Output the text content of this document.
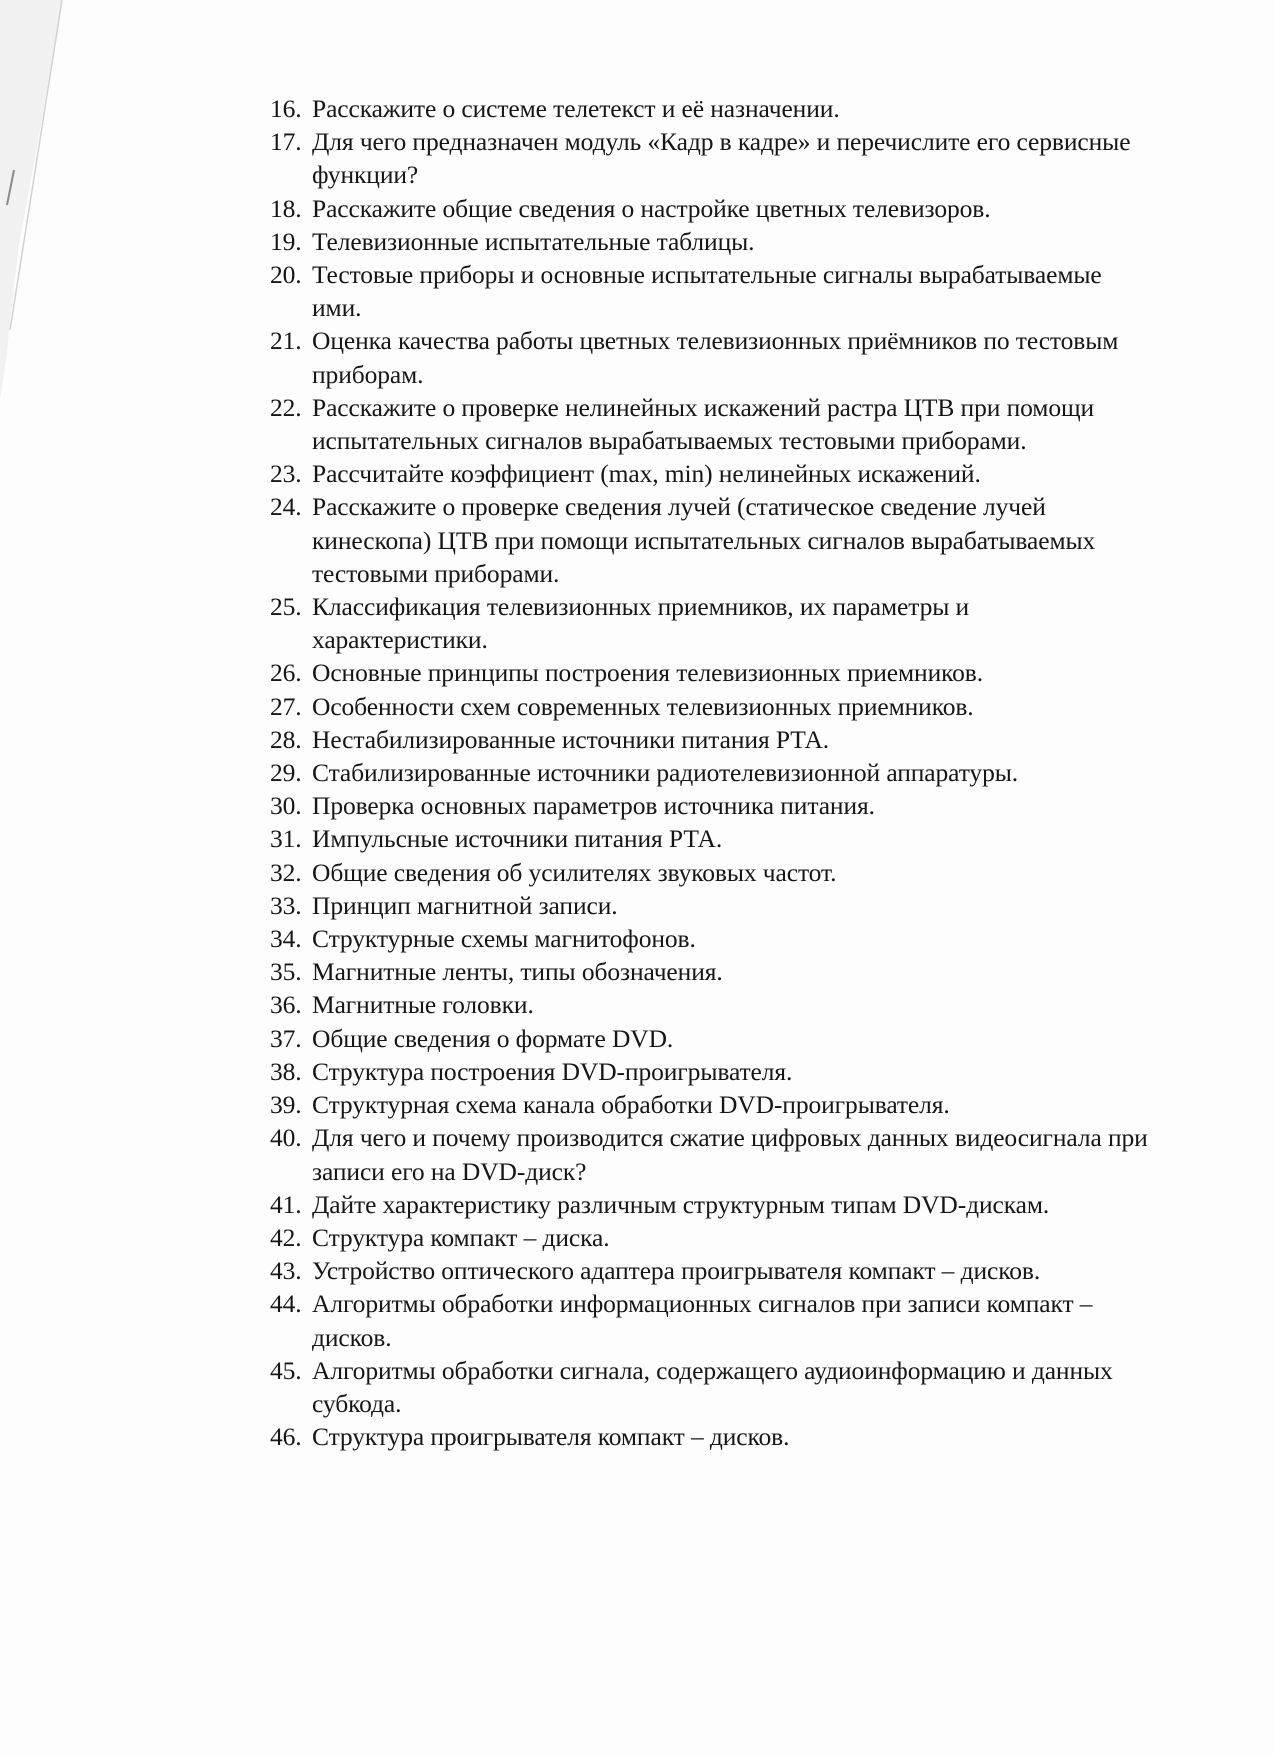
16. Расскажите о системе телетекст и её назначении.
17. Для чего предназначен модуль «Кадр в кадре» и перечислите его сервисные функции?
18. Расскажите общие сведения о настройке цветных телевизоров.
19. Телевизионные испытательные таблицы.
20. Тестовые приборы и основные испытательные сигналы вырабатываемые ими.
21. Оценка качества работы цветных телевизионных приёмников по тестовым приборам.
22. Расскажите о проверке нелинейных искажений растра ЦТВ при помощи испытательных сигналов вырабатываемых тестовыми приборами.
23. Рассчитайте коэффициент (max, min) нелинейных искажений.
24. Расскажите о проверке сведения лучей (статическое сведение лучей кинескопа) ЦТВ при помощи испытательных сигналов вырабатываемых тестовыми приборами.
25. Классификация телевизионных приемников, их параметры и характеристики.
26. Основные принципы построения телевизионных приемников.
27. Особенности схем современных телевизионных приемников.
28. Нестабилизированные источники питания РТА.
29. Стабилизированные источники радиотелевизионной аппаратуры.
30. Проверка основных параметров источника питания.
31. Импульсные источники питания РТА.
32. Общие сведения об усилителях звуковых частот.
33. Принцип магнитной записи.
34. Структурные схемы магнитофонов.
35. Магнитные ленты, типы обозначения.
36. Магнитные головки.
37. Общие сведения о формате DVD.
38. Структура построения DVD-проигрывателя.
39. Структурная схема канала обработки DVD-проигрывателя.
40. Для чего и почему производится сжатие цифровых данных видеосигнала при записи его на DVD-диск?
41. Дайте характеристику различным структурным типам DVD-дискам.
42. Структура компакт – диска.
43. Устройство оптического адаптера проигрывателя компакт – дисков.
44. Алгоритмы обработки информационных сигналов при записи компакт – дисков.
45. Алгоритмы обработки сигнала, содержащего аудиоинформацию и данных субкода.
46. Структура проигрывателя компакт – дисков.
